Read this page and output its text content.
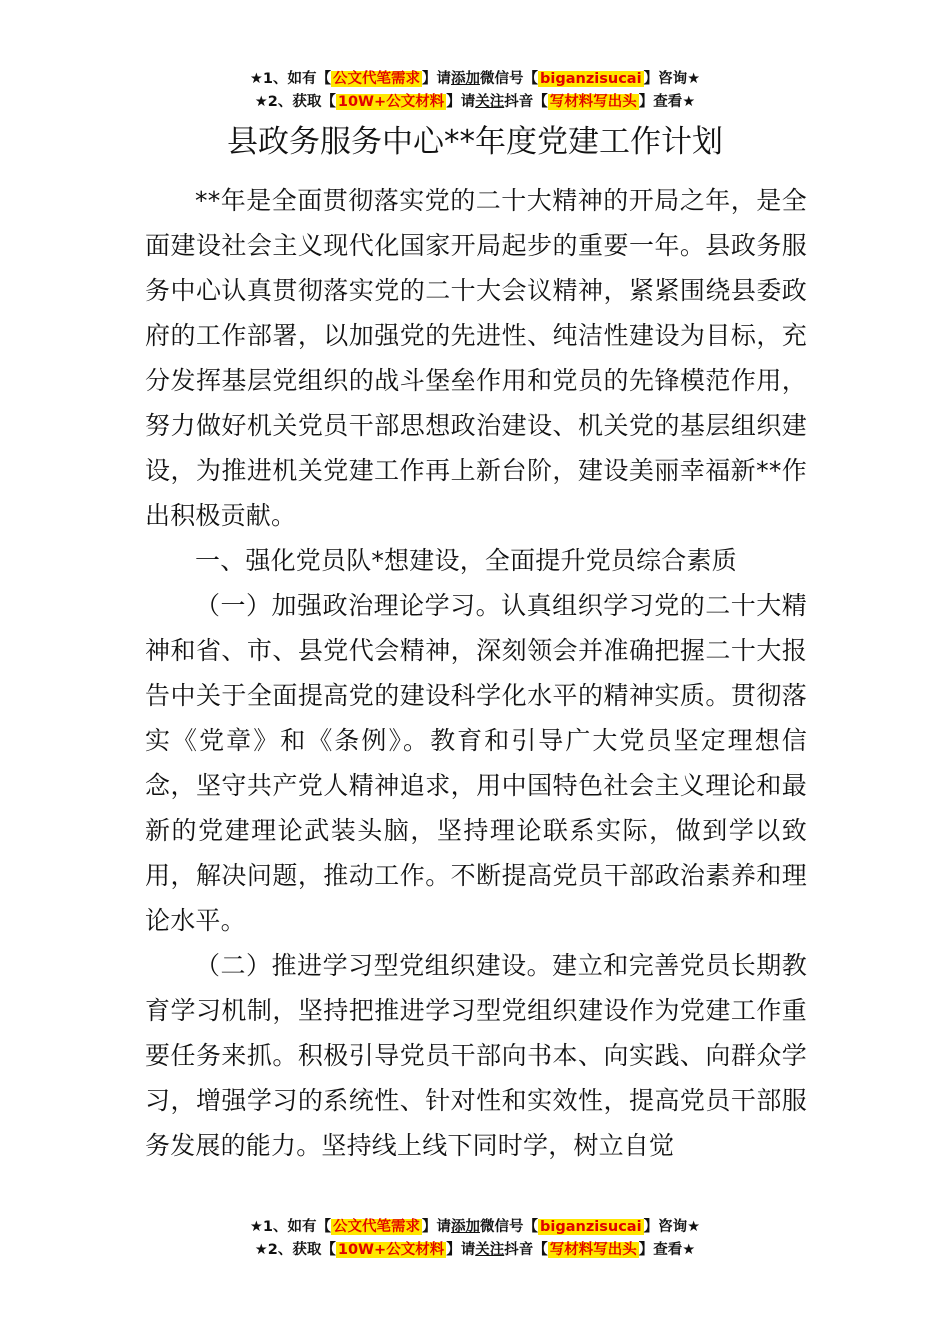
★1、如有【 公文代笔需求 】请添加微信号【 biganzisucai 】咨询★
★2、获取【 10W+公文材料 】请关注抖音【 写材料写出头 】查看★
县政务服务中心**年度党建工作计划

**年是全面贯彻落实党的二十大精神的开局之年，是全面建设社会主义现代化国家开局起步的重要一年。县政务服务中心认真贯彻落实党的二十大会议精神，紧紧围绕县委政府的工作部署，以加强党的先进性、纯洁性建设为目标，充分发挥基层党组织的战斗堡垒作用和党员的先锋模范作用，努力做好机关党员干部思想政治建设、机关党的基层组织建设，为推进机关党建工作再上新台阶，建设美丽幸福新**作出积极贡献。

一、强化党员队*想建设，全面提升党员综合素质

（一）加强政治理论学习。认真组织学习党的二十大精神和省、市、县党代会精神，深刻领会并准确把握二十大报告中关于全面提高党的建设科学化水平的精神实质。贯彻落实《党章》和《条例》。教育和引导广大党员坚定理想信念，坚守共产党人精神追求，用中国特色社会主义理论和最新的党建理论武装头脑，坚持理论联系实际，做到学以致用，解决问题，推动工作。不断提高党员干部政治素养和理论水平。

（二）推进学习型党组织建设。建立和完善党员长期教育学习机制，坚持把推进学习型党组织建设作为党建工作重要任务来抓。积极引导党员干部向书本、向实践、向群众学习，增强学习的系统性、针对性和实效性，提高党员干部服务发展的能力。坚持线上线下同时学，树立自觉

★1、如有【 公文代笔需求 】请添加微信号【 biganzisucai 】咨询★
★2、获取【 10W+公文材料 】请关注抖音【 写材料写出头 】查看★
